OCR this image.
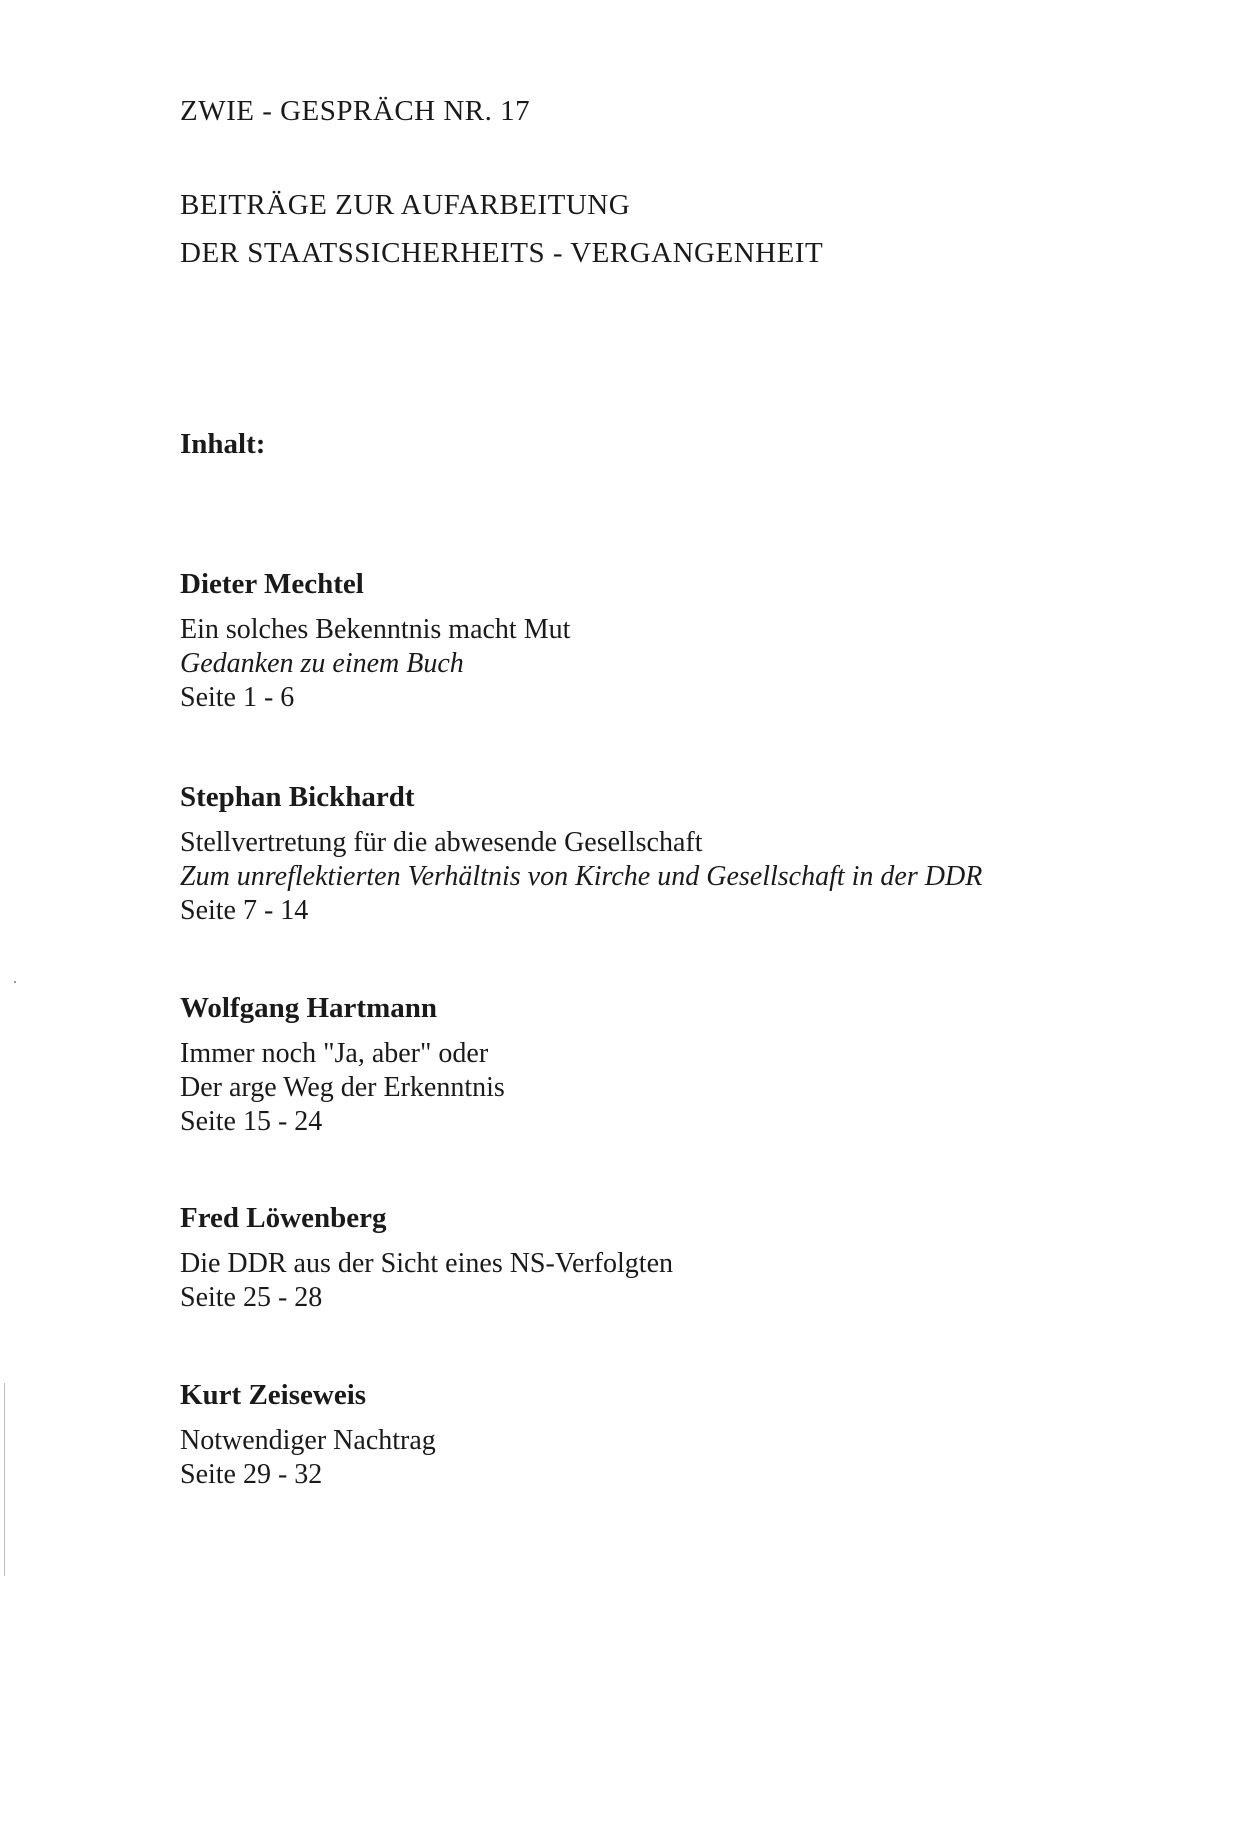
ZWIE - GESPRÄCH NR. 17
BEITRÄGE ZUR AUFARBEITUNG
DER STAATSSICHERHEITS - VERGANGENHEIT
Inhalt:
Dieter Mechtel
Ein solches Bekenntnis macht Mut
Gedanken zu einem Buch
Seite 1 - 6
Stephan Bickhardt
Stellvertretung für die abwesende Gesellschaft
Zum unreflektierten Verhältnis von Kirche und Gesellschaft in der DDR
Seite 7 - 14
Wolfgang Hartmann
Immer noch "Ja, aber" oder
Der arge Weg der Erkenntnis
Seite 15 - 24
Fred Löwenberg
Die DDR aus der Sicht eines NS-Verfolgten
Seite 25 - 28
Kurt Zeiseweis
Notwendiger Nachtrag
Seite 29 - 32
